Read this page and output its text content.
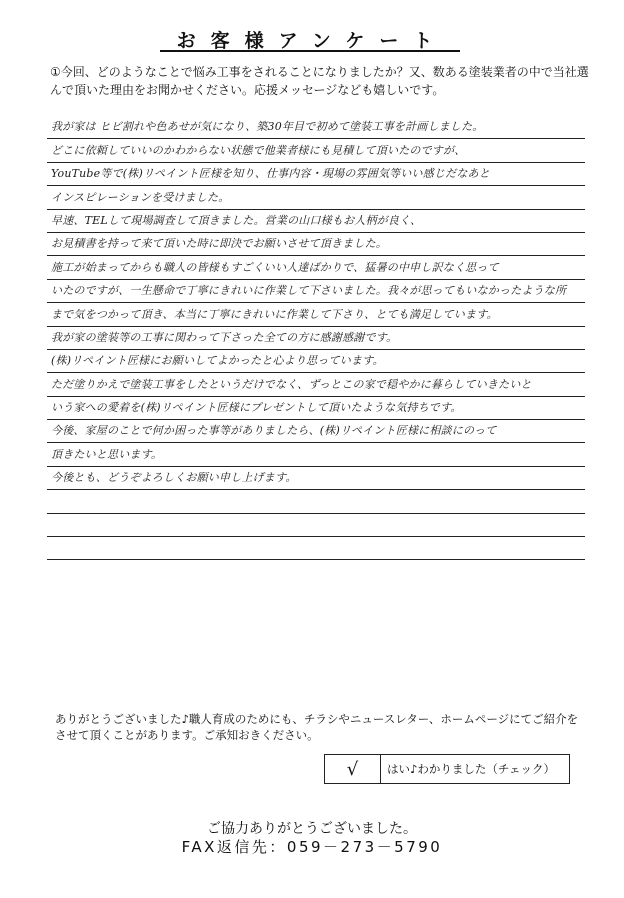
お客様アンケート
①今回、どのようなことで悩み工事をされることになりましたか？又、数ある塗装業者の中で当社選んで頂いた理由をお聞かせください。応援メッセージなども嬉しいです。
我が家は ヒビ割れや色あせが気になり、築30年目で初めて塗装工事を計画しました。
どこに依頼していいのかわからない状態で他業者様にも見積して頂いたのですが、
YouTube等で(株)リペイント匠様を知り、仕事内容・現場の雰囲気等いい感じだなあと
インスピレーションを受けました。
早速、TELして現場調査して頂きました。営業の山口様もお人柄が良く、
お見積書を持って来て頂いた時に即決でお願いさせて頂きました。
施工が始まってからも職人の皆様もすごくいい人達ばかりで、猛暑の中申し訳なく思って
いたのですが、一生懸命で丁寧にきれいに作業して下さいました。我々が思ってもいなかったような所
まで気をつかって頂き、本当に丁寧にきれいに作業して下さり、とても満足しています。
我が家の塗装等の工事に関わって下さった全ての方に感謝感謝です。
(株)リペイント匠様にお願いしてよかったと心より思っています。
ただ塗りかえで塗装工事をしたというだけでなく、ずっとこの家で穏やかに暮らしていきたいと
いう家への愛着を(株)リペイント匠様にプレゼントして頂いたような気持ちです。
今後、家屋のことで何か困った事等がありましたら、(株)リペイント匠様に相談にのって
頂きたいと思います。
今後とも、どうぞよろしくお願い申し上げます。
ありがとうございました♪職人育成のためにも、チラシやニュースレター、ホームページにてご紹介をさせて頂くことがあります。ご承知おきください。
√	はい♪わかりました（チェック）
ご協力ありがとうございました。
FAX返信先：059－273－5790
